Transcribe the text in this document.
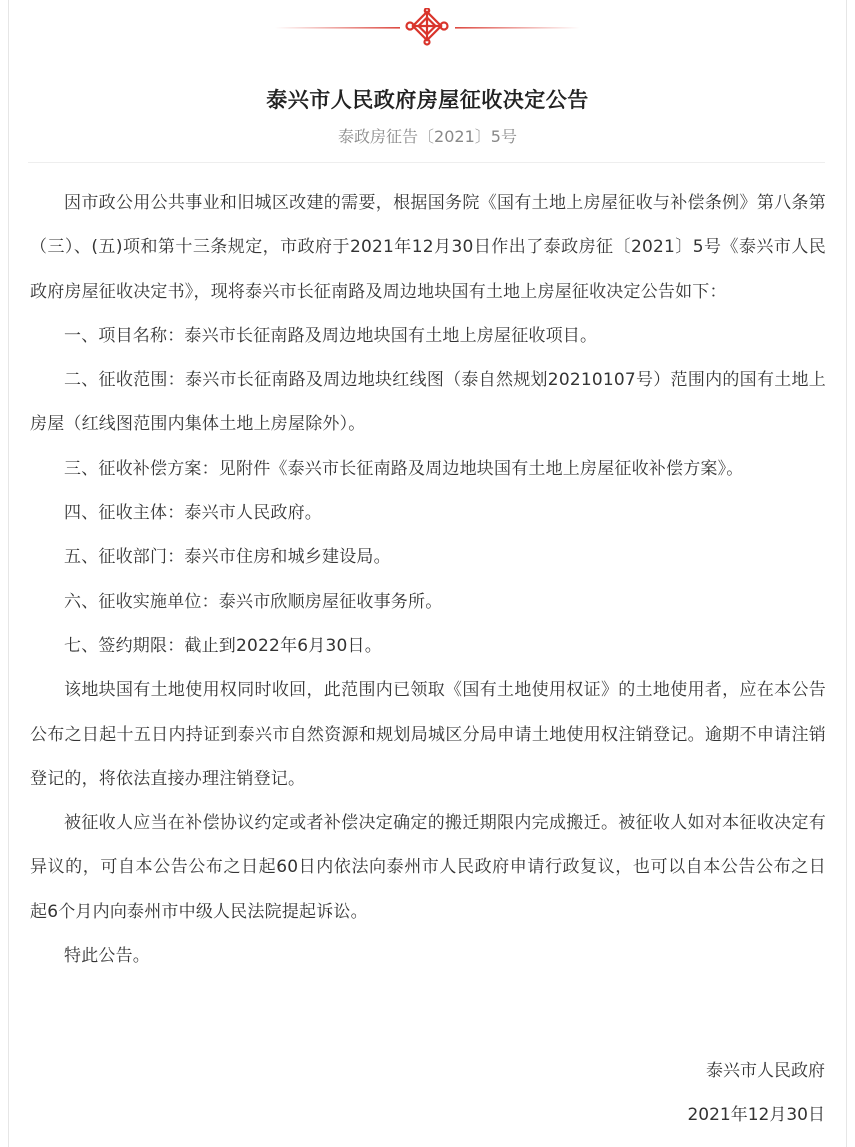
泰兴市人民政府房屋征收决定公告
泰政房征告〔2021〕5号

因市政公用公共事业和旧城区改建的需要，根据国务院《国有土地上房屋征收与补偿条例》第八条第（三）、(五)项和第十三条规定，市政府于2021年12月30日作出了泰政房征〔2021〕5号《泰兴市人民政府房屋征收决定书》，现将泰兴市长征南路及周边地块国有土地上房屋征收决定公告如下：

一、项目名称：泰兴市长征南路及周边地块国有土地上房屋征收项目。

二、征收范围：泰兴市长征南路及周边地块红线图（泰自然规划20210107号）范围内的国有土地上房屋（红线图范围内集体土地上房屋除外）。

三、征收补偿方案：见附件《泰兴市长征南路及周边地块国有土地上房屋征收补偿方案》。

四、征收主体：泰兴市人民政府。

五、征收部门：泰兴市住房和城乡建设局。

六、征收实施单位：泰兴市欣顺房屋征收事务所。

七、签约期限：截止到2022年6月30日。

该地块国有土地使用权同时收回，此范围内已领取《国有土地使用权证》的土地使用者，应在本公告公布之日起十五日内持证到泰兴市自然资源和规划局城区分局申请土地使用权注销登记。逾期不申请注销登记的，将依法直接办理注销登记。

被征收人应当在补偿协议约定或者补偿决定确定的搬迁期限内完成搬迁。被征收人如对本征收决定有异议的，可自本公告公布之日起60日内依法向泰州市人民政府申请行政复议，也可以自本公告公布之日起6个月内向泰州市中级人民法院提起诉讼。

特此公告。

泰兴市人民政府
2021年12月30日
